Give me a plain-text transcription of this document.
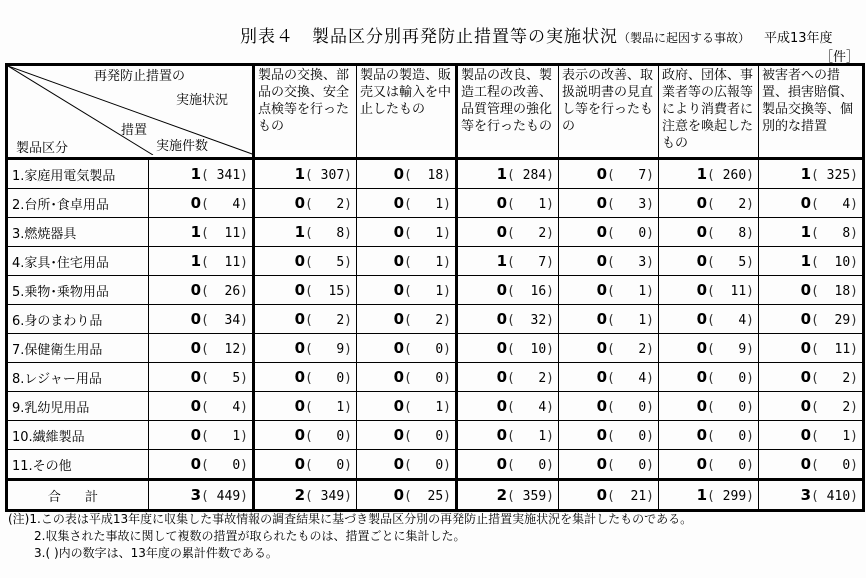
別表４　製品区分別再発防止措置等の実施状況（製品に起因する事故） 平成13年度
［件］
再発防止措置の
実施状況
措置
実施件数
製品区分		製品の交換、部品の交換、安全点検等を行ったもの	製品の製造、販売又は輸入を中止したもの	製品の改良、製造工程の改善、品質管理の強化等を行ったもの	表示の改善、取扱説明書の見直し等を行ったもの	政府、団体、事業者等の広報等により消費者に注意を喚起したもの	被害者への措置、損害賠償、製品交換等、個別的な措置
1.家庭用電気製品	1( 341)	1( 307)	0(  18)	1( 284)	0(   7)	1( 260)	1( 325)
2.台所･食卓用品	0(   4)	0(   2)	0(   1)	0(   1)	0(   3)	0(   2)	0(   4)
3.燃焼器具	1(  11)	1(   8)	0(   1)	0(   2)	0(   0)	0(   8)	1(   8)
4.家具･住宅用品	1(  11)	0(   5)	0(   1)	1(   7)	0(   3)	0(   5)	1(  10)
5.乗物･乗物用品	0(  26)	0(  15)	0(   1)	0(  16)	0(   1)	0(  11)	0(  18)
6.身のまわり品	0(  34)	0(   2)	0(   2)	0(  32)	0(   1)	0(   4)	0(  29)
7.保健衛生用品	0(  12)	0(   9)	0(   0)	0(  10)	0(   2)	0(   9)	0(  11)
8.レジャー用品	0(   5)	0(   0)	0(   0)	0(   2)	0(   4)	0(   0)	0(   2)
9.乳幼児用品	0(   4)	0(   1)	0(   1)	0(   4)	0(   0)	0(   0)	0(   2)
10.繊維製品	0(   1)	0(   0)	0(   0)	0(   1)	0(   0)	0(   0)	0(   1)
11.その他	0(   0)	0(   0)	0(   0)	0(   0)	0(   0)	0(   0)	0(   0)
合 計	3( 449)	2( 349)	0(  25)	2( 359)	0(  21)	1( 299)	3( 410)
(注)1.この表は平成13年度に収集した事故情報の調査結果に基づき製品区分別の再発防止措置実施状況を集計したものである。
2.収集された事故に関して複数の措置が取られたものは、措置ごとに集計した。
3.( )内の数字は、13年度の累計件数である。
